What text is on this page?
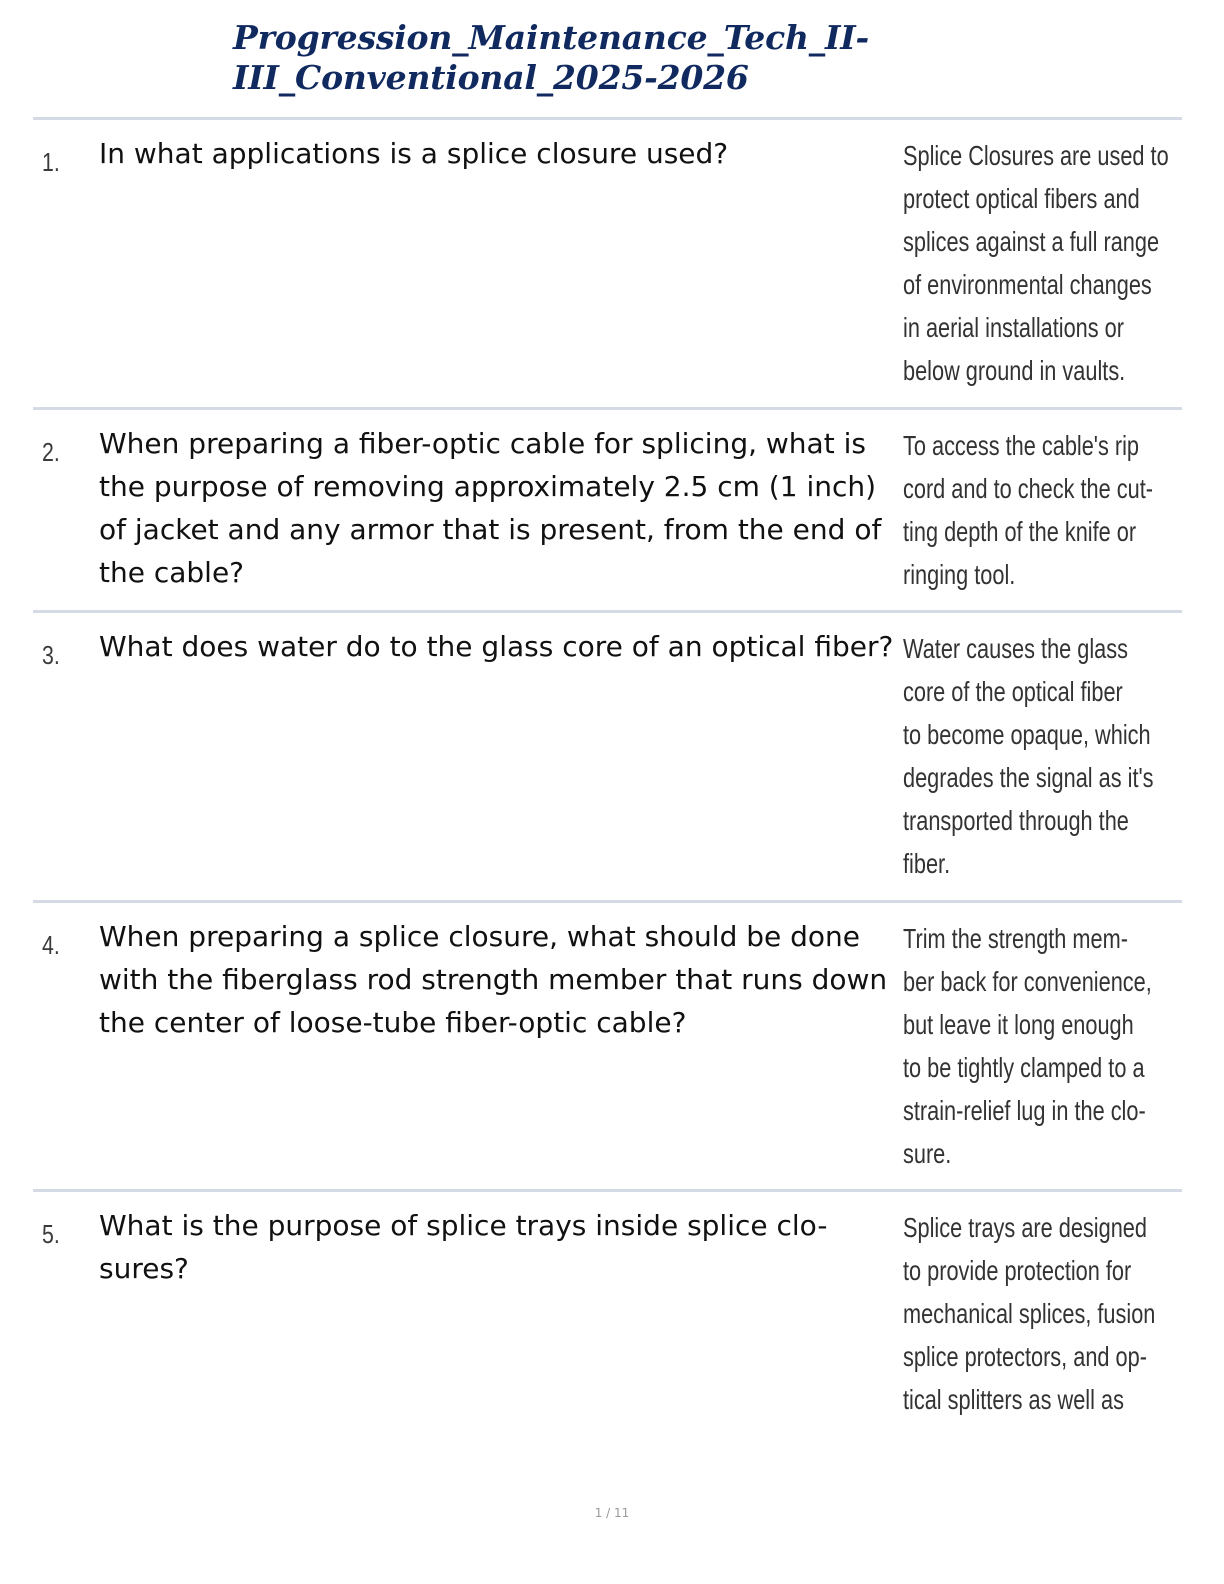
Progression_Maintenance_Tech_II-III_Conventional_2025-2026
1. In what applications is a splice closure used?	Splice Closures are used to
protect optical fibers and
splices against a full range
of environmental changes
in aerial installations or
below ground in vaults.
2. When preparing a fiber-optic cable for splicing, what is the purpose of removing approximately 2.5 cm (1 inch) of jacket and any armor that is present, from the end of the cable?
To access the cable's rip
cord and to check the cut-
ting depth of the knife or
ringing tool.
3. What does water do to the glass core of an optical fiber? Water causes the glass
core of the optical fiber
to become opaque, which
degrades the signal as it's
transported through the
fiber.
4. When preparing a splice closure, what should be done with the fiberglass rod strength member that runs down the center of loose-tube fiber-optic cable?
Trim the strength mem-
ber back for convenience,
but leave it long enough
to be tightly clamped to a
strain-relief lug in the clo-
sure.
5. What is the purpose of splice trays inside splice clo-sures?
Splice trays are designed
to provide protection for
mechanical splices, fusion
splice protectors, and op-
tical splitters as well as
1 / 11
